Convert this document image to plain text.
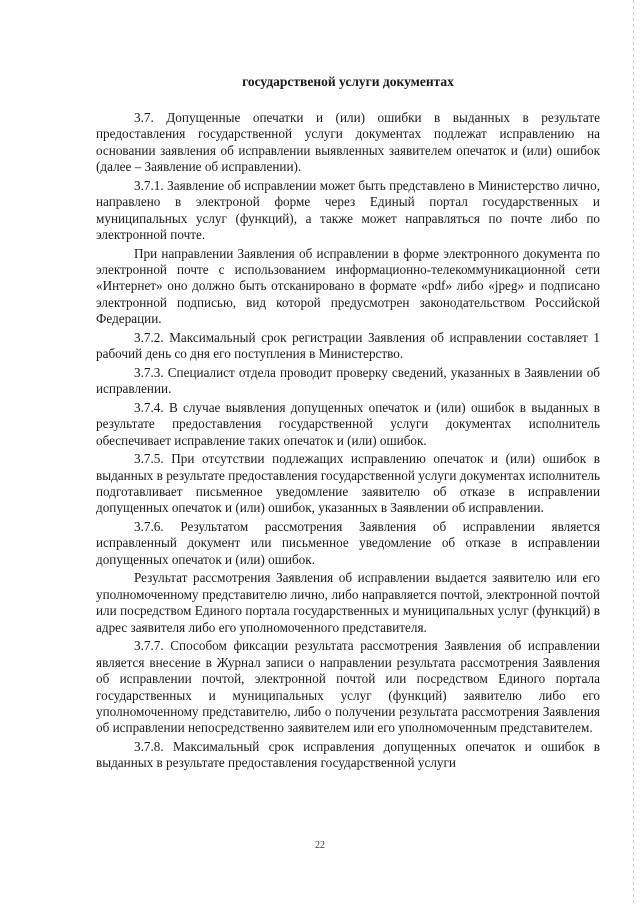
государственой услуги документах

3.7. Допущенные опечатки и (или) ошибки в выданных в результате предоставления государственной услуги документах подлежат исправлению на основании заявления об исправлении выявленных заявителем опечаток и (или) ошибок (далее – Заявление об исправлении).

3.7.1. Заявление об исправлении может быть представлено в Министерство лично, направлено в электроной форме через Единый портал государственных и муниципальных услуг (функций), а также может направляться по почте либо по электронной почте.

При направлении Заявления об исправлении в форме электронного документа по электронной почте с использованием информационно-телекоммуникационной сети «Интернет» оно должно быть отсканировано в формате «pdf» либо «jpeg» и подписано электронной подписью, вид которой предусмотрен законодательством Российской Федерации.

3.7.2. Максимальный срок регистрации Заявления об исправлении составляет 1 рабочий день со дня его поступления в Министерство.

3.7.3. Специалист отдела проводит проверку сведений, указанных в Заявлении об исправлении.

3.7.4. В случае выявления допущенных опечаток и (или) ошибок в выданных в результате предоставления государственной услуги документах исполнитель обеспечивает исправление таких опечаток и (или) ошибок.

3.7.5. При отсутствии подлежащих исправлению опечаток и (или) ошибок в выданных в результате предоставления государственной услуги документах исполнитель подготавливает письменное уведомление заявителю об отказе в исправлении допущенных опечаток и (или) ошибок, указанных в Заявлении об исправлении.

3.7.6. Результатом рассмотрения Заявления об исправлении является исправленный документ или письменное уведомление об отказе в исправлении допущенных опечаток и (или) ошибок.

Результат рассмотрения Заявления об исправлении выдается заявителю или его уполномоченному представителю лично, либо направляется почтой, электронной почтой или посредством Единого портала государственных и муниципальных услуг (функций) в адрес заявителя либо его уполномоченного представителя.

3.7.7. Способом фиксации результата рассмотрения Заявления об исправлении является внесение в Журнал записи о направлении результата рассмотрения Заявления об исправлении почтой, электронной почтой или посредством Единого портала государственных и муниципальных услуг (функций) заявителю либо его уполномоченному представителю, либо о получении результата рассмотрения Заявления об исправлении непосредственно заявителем или его уполномоченным представителем.

3.7.8. Максимальный срок исправления допущенных опечаток и ошибок в выданных в результате предоставления государственной услуги

22
